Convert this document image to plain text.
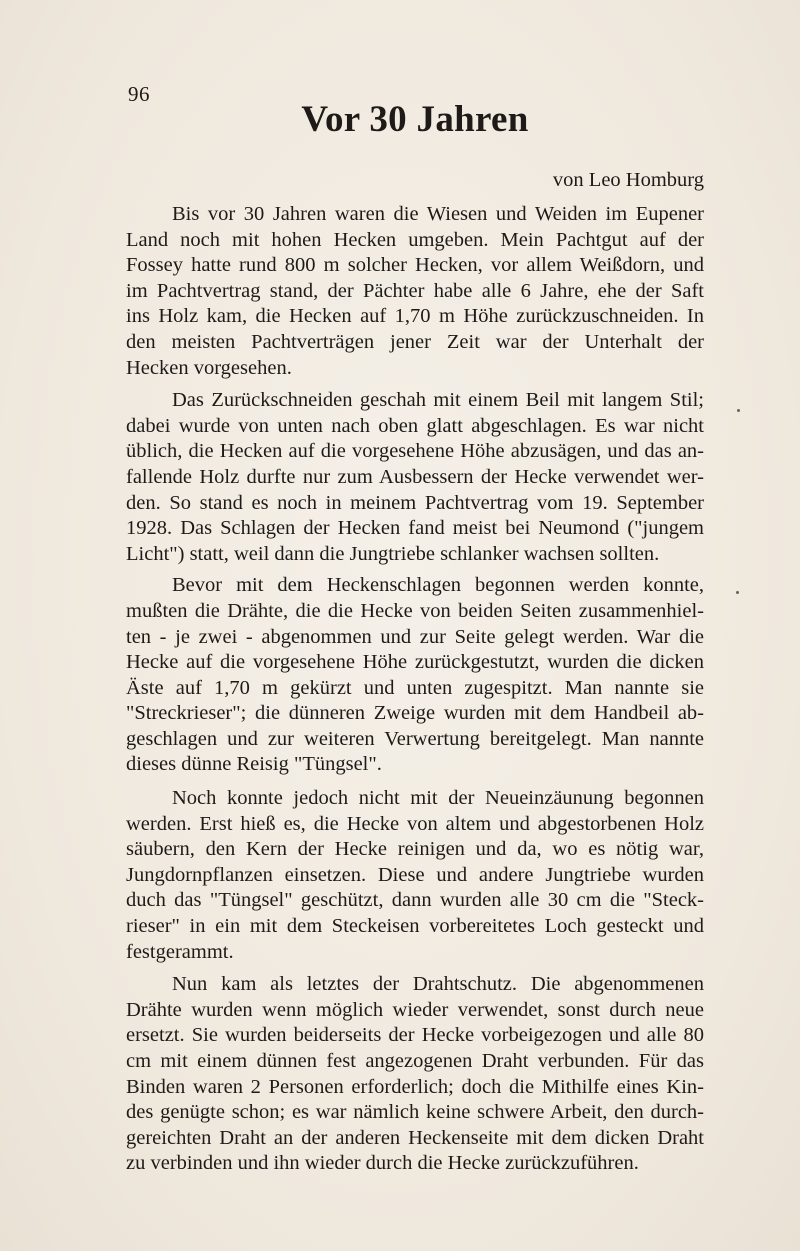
96
Vor 30 Jahren
von Leo Homburg
Bis vor 30 Jahren waren die Wiesen und Weiden im Eupener
Land noch mit hohen Hecken umgeben. Mein Pachtgut auf der
Fossey hatte rund 800 m solcher Hecken, vor allem Weißdorn, und
im Pachtvertrag stand, der Pächter habe alle 6 Jahre, ehe der Saft
ins Holz kam, die Hecken auf 1,70 m Höhe zurückzuschneiden. In
den meisten Pachtverträgen jener Zeit war der Unterhalt der
Hecken vorgesehen.
Das Zurückschneiden geschah mit einem Beil mit langem Stil;
dabei wurde von unten nach oben glatt abgeschlagen. Es war nicht
üblich, die Hecken auf die vorgesehene Höhe abzusägen, und das an-
fallende Holz durfte nur zum Ausbessern der Hecke verwendet wer-
den. So stand es noch in meinem Pachtvertrag vom 19. September
1928. Das Schlagen der Hecken fand meist bei Neumond ("jungem
Licht") statt, weil dann die Jungtriebe schlanker wachsen sollten.
Bevor mit dem Heckenschlagen begonnen werden konnte,
mußten die Drähte, die die Hecke von beiden Seiten zusammenhiel-
ten - je zwei - abgenommen und zur Seite gelegt werden. War die
Hecke auf die vorgesehene Höhe zurückgestutzt, wurden die dicken
Äste auf 1,70 m gekürzt und unten zugespitzt. Man nannte sie
"Streckrieser"; die dünneren Zweige wurden mit dem Handbeil ab-
geschlagen und zur weiteren Verwertung bereitgelegt. Man nannte
dieses dünne Reisig "Tüngsel".
Noch konnte jedoch nicht mit der Neueinzäunung begonnen
werden. Erst hieß es, die Hecke von altem und abgestorbenen Holz
säubern, den Kern der Hecke reinigen und da, wo es nötig war,
Jungdornpflanzen einsetzen. Diese und andere Jungtriebe wurden
duch das "Tüngsel" geschützt, dann wurden alle 30 cm die "Steck-
rieser" in ein mit dem Steckeisen vorbereitetes Loch gesteckt und
festgerammt.
Nun kam als letztes der Drahtschutz. Die abgenommenen
Drähte wurden wenn möglich wieder verwendet, sonst durch neue
ersetzt. Sie wurden beiderseits der Hecke vorbeigezogen und alle 80
cm mit einem dünnen fest angezogenen Draht verbunden. Für das
Binden waren 2 Personen erforderlich; doch die Mithilfe eines Kin-
des genügte schon; es war nämlich keine schwere Arbeit, den durch-
gereichten Draht an der anderen Heckenseite mit dem dicken Draht
zu verbinden und ihn wieder durch die Hecke zurückzuführen.
